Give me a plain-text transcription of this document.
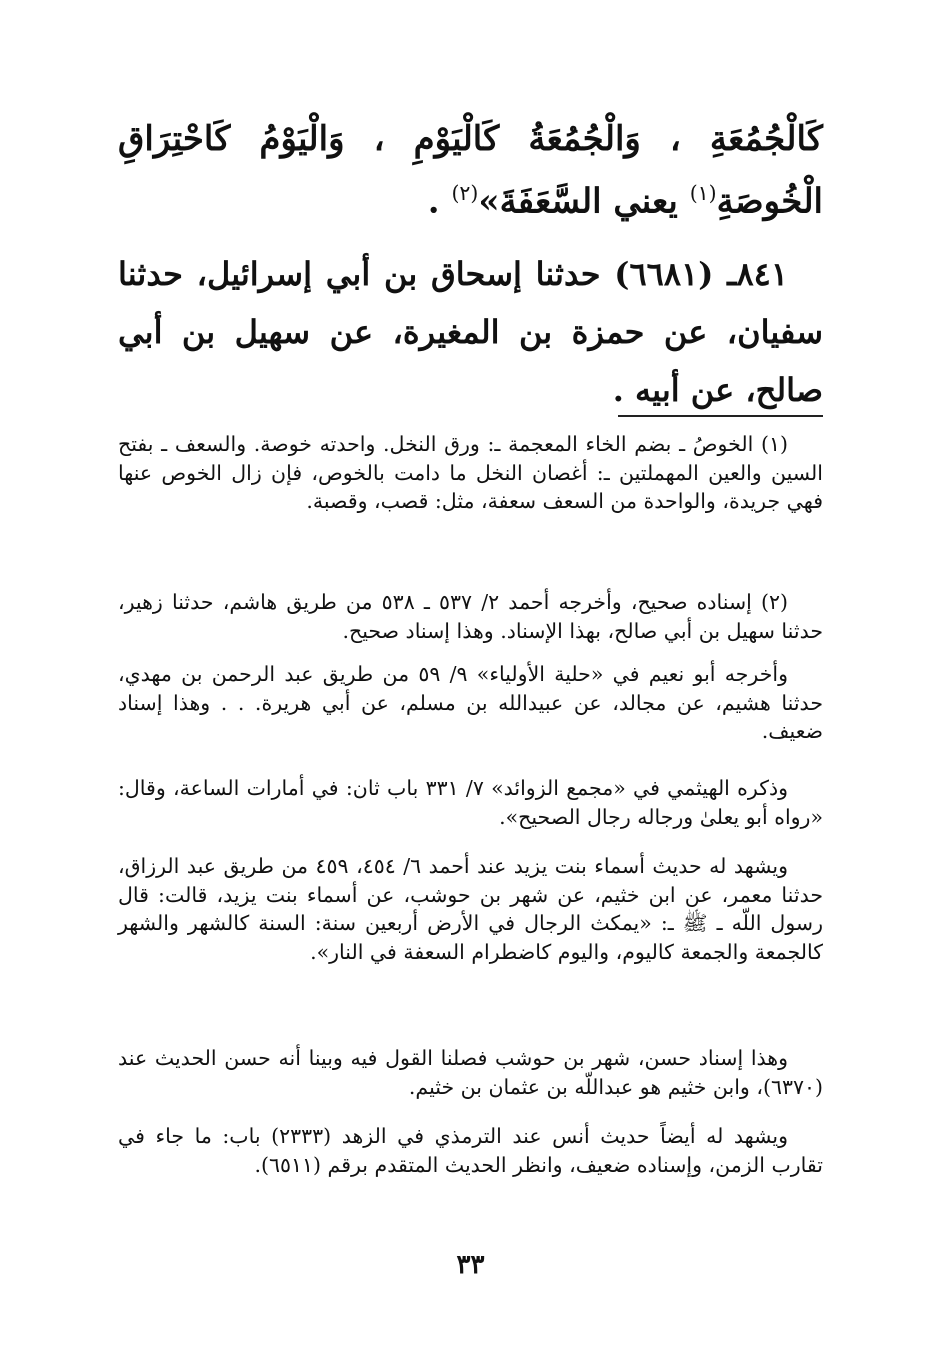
كَالْجُمُعَةِ ، وَالْجُمُعَةُ كَالْيَوْمِ ، وَالْيَوْمُ كَاحْتِرَاقِ الْخُوصَةِ$^{(١)}$ يعني السَّعَفَةَ»$^{(٢)}$ .

٨٤١ـ (٦٦٨١) حدثنا إسحاق بن أبي إسرائيل، حدثنا سفيان، عن حمزة بن المغيرة، عن سهيل بن أبي صالح، عن أبيه .

(١) الخوصُ ـ بضم الخاء المعجمة ـ: ورق النخل. واحدته خوصة. والسعف ـ بفتح السين والعين المهملتين ـ: أغصان النخل ما دامت بالخوص، فإن زال الخوص عنها فهي جريدة، والواحدة من السعف سعفة، مثل: قصب، وقصبة.

(٢) إسناده صحيح، وأخرجه أحمد ٢/ ٥٣٧ ـ ٥٣٨ من طريق هاشم، حدثنا زهير، حدثنا سهيل بن أبي صالح، بهذا الإسناد. وهذا إسناد صحيح.

وأخرجه أبو نعيم في «حلية الأولياء» ٩/ ٥٩ من طريق عبد الرحمن بن مهدي، حدثنا هشيم، عن مجالد، عن عبيدالله بن مسلم، عن أبي هريرة. . . وهذا إسناد ضعيف.

وذكره الهيثمي في «مجمع الزوائد» ٧/ ٣٣١ باب ثان: في أمارات الساعة، وقال: «رواه أبو يعلىٰ ورجاله رجال الصحيح».

ويشهد له حديث أسماء بنت يزيد عند أحمد ٦/ ٤٥٤، ٤٥٩ من طريق عبد الرزاق، حدثنا معمر، عن ابن خثيم، عن شهر بن حوشب، عن أسماء بنت يزيد، قالت: قال رسول اللّه ـ ﷺ ـ: «يمكث الرجال في الأرض أربعين سنة: السنة كالشهر والشهر كالجمعة والجمعة كاليوم، واليوم كاضطرام السعفة في النار».

وهذا إسناد حسن، شهر بن حوشب فصلنا القول فيه وبينا أنه حسن الحديث عند (٦٣٧٠)، وابن خثيم هو عبداللّه بن عثمان بن خثيم.

ويشهد له أيضاً حديث أنس عند الترمذي في الزهد (٢٣٣٣) باب: ما جاء في تقارب الزمن، وإسناده ضعيف، وانظر الحديث المتقدم برقم (٦٥١١).

٣٣
